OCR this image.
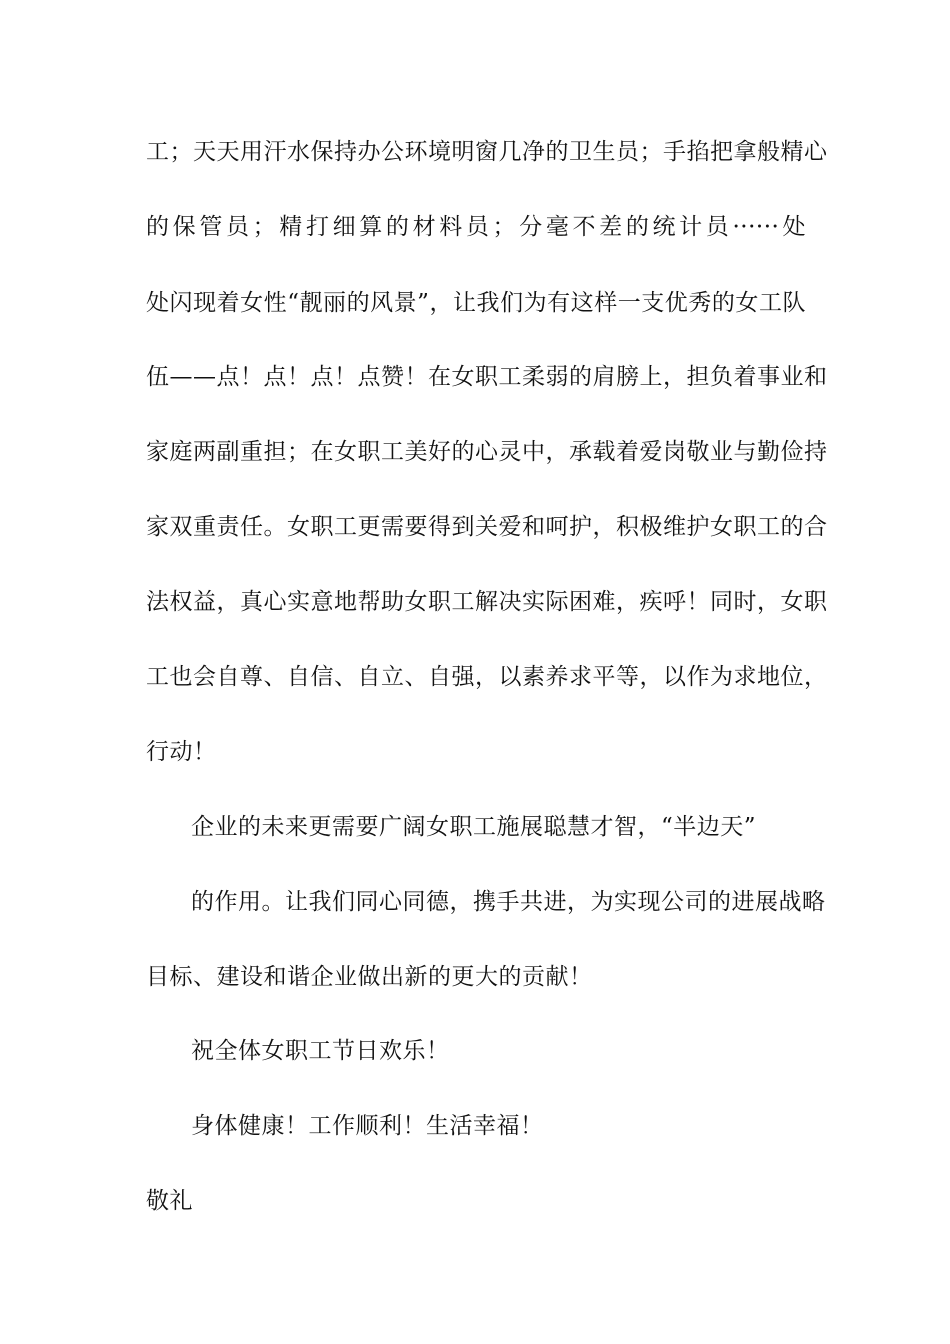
工；天天用汗水保持办公环境明窗几净的卫生员；手掐把拿般精心
的保管员；精打细算的材料员；分毫不差的统计员······处
处闪现着女性“靓丽的风景”，让我们为有这样一支优秀的女工队
伍——点！点！点！点赞！在女职工柔弱的肩膀上，担负着事业和
家庭两副重担；在女职工美好的心灵中，承载着爱岗敬业与勤俭持
家双重责任。女职工更需要得到关爱和呵护，积极维护女职工的合
法权益，真心实意地帮助女职工解决实际困难，疾呼！同时，女职
工也会自尊、自信、自立、自强，以素养求平等，以作为求地位，
行动！
企业的未来更需要广阔女职工施展聪慧才智，“半边天”
的作用。让我们同心同德，携手共进，为实现公司的进展战略
目标、建设和谐企业做出新的更大的贡献！
祝全体女职工节日欢乐！
身体健康！工作顺利！生活幸福！
敬礼
